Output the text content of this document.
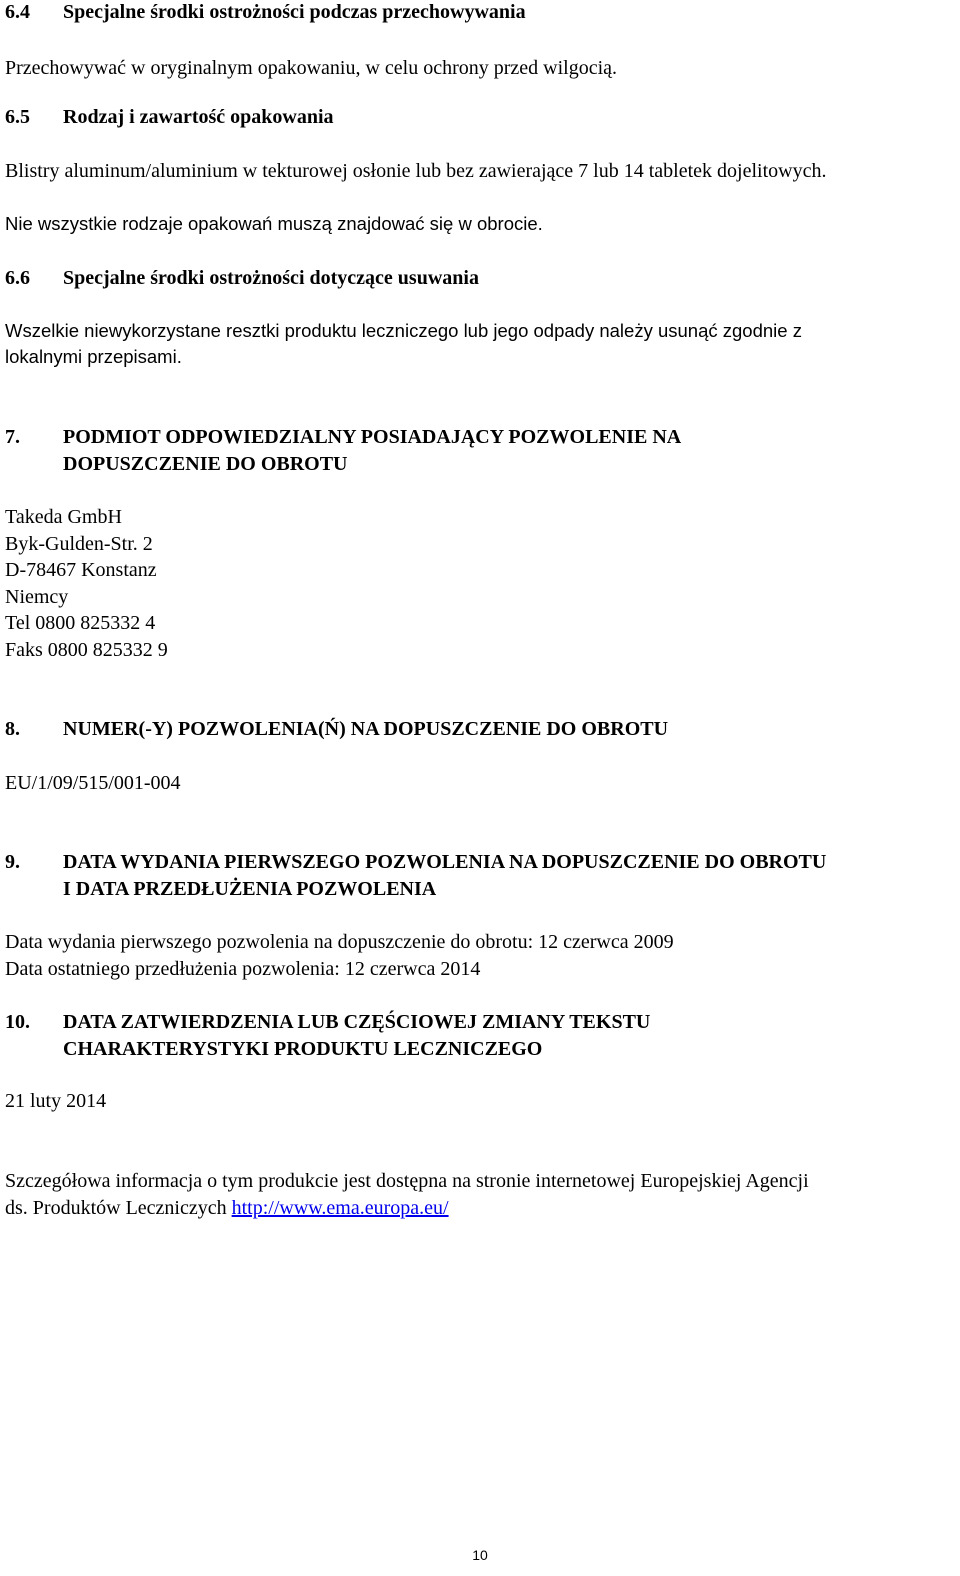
6.4 Specjalne środki ostrożności podczas przechowywania
Przechowywać w oryginalnym opakowaniu, w celu ochrony przed wilgocią.
6.5 Rodzaj i zawartość opakowania
Blistry aluminum/aluminium w tekturowej osłonie lub bez zawierające 7 lub 14 tabletek dojelitowych.
Nie wszystkie rodzaje opakowań muszą znajdować się w obrocie.
6.6 Specjalne środki ostrożności dotyczące usuwania
Wszelkie niewykorzystane resztki produktu leczniczego lub jego odpady należy usunąć zgodnie z
lokalnymi przepisami.
7. PODMIOT ODPOWIEDZIALNY POSIADAJĄCY POZWOLENIE NA
DOPUSZCZENIE DO OBROTU
Takeda GmbH
Byk-Gulden-Str. 2
D-78467 Konstanz
Niemcy
Tel 0800 825332 4
Faks 0800 825332 9
8. NUMER(-Y) POZWOLENIA(Ń) NA DOPUSZCZENIE DO OBROTU
EU/1/09/515/001-004
9. DATA WYDANIA PIERWSZEGO POZWOLENIA NA DOPUSZCZENIE DO OBROTU
I DATA PRZEDŁUŻENIA POZWOLENIA
Data wydania pierwszego pozwolenia na dopuszczenie do obrotu: 12 czerwca 2009
Data ostatniego przedłużenia pozwolenia: 12 czerwca 2014
10. DATA ZATWIERDZENIA LUB CZĘŚCIOWEJ ZMIANY TEKSTU
CHARAKTERYSTYKI PRODUKTU LECZNICZEGO
21 luty 2014
Szczegółowa informacja o tym produkcie jest dostępna na stronie internetowej Europejskiej Agencji
ds. Produktów Leczniczych http://www.ema.europa.eu/
10
